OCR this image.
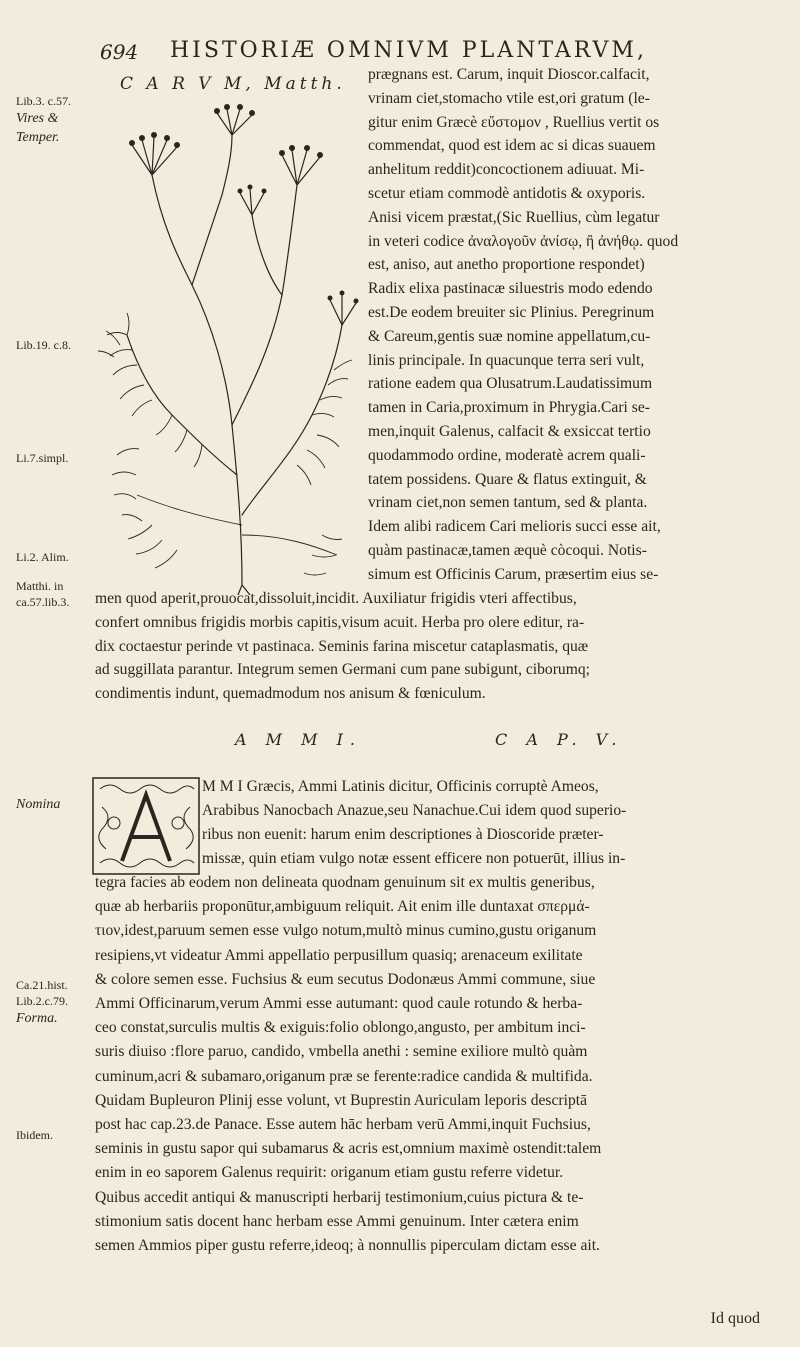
694 HISTORIÆ OMNIVM PLANTARVM,
C A R V M, Matth.
Lib.3. c.57.
Vires &
Temper.
Lib.19. c.8.
Li.7.simpl.
Li.2. Alim.
Matthi. in
ca.57.lib.3.
Nomina
Ca.21.hist.
Lib.2.c.79.
Forma.
Ibidem.
prægnans est. Carum, inquit Dioscor.calfacit,
vrinam ciet,stomacho vtile est,ori gratum (le-
gitur enim Græcè εὔστομον , Ruellius vertit os
commendat, quod est idem ac si dicas suauem
anhelitum reddit)concoctionem adiuuat. Mi-
scetur etiam commodè antidotis & oxyporis.
Anisi vicem præstat,(Sic Ruellius, cùm legatur
in veteri codice ἀναλογοῦν ἀνίσῳ, ἢ ἀνήθῳ. quod
est, aniso, aut anetho proportione respondet)
Radix elixa pastinacæ siluestris modo edendo
est.De eodem breuiter sic Plinius. Peregrinum
& Careum,gentis suæ nomine appellatum,cu-
linis principale. In quacunque terra seri vult,
ratione eadem qua Olusatrum.Laudatissimum
tamen in Caria,proximum in Phrygia.Cari se-
men,inquit Galenus, calfacit & exsiccat tertio
quodammodo ordine, moderatè acrem quali-
tatem possidens. Quare & flatus extinguit, &
vrinam ciet,non semen tantum, sed & planta.
Idem alibi radicem Cari melioris succi esse ait,
quàm pastinacæ,tamen æquè còcoqui. Notis-
simum est Officinis Carum, præsertim eius se-
men quod aperit,prouocat,dissoluit,incidit. Auxiliatur frigidis vteri affectibus,
confert omnibus frigidis morbis capitis,visum acuit. Herba pro olere editur, ra-
dix coctaestur perinde vt pastinaca. Seminis farina miscetur cataplasmatis, quæ
ad suggillata parantur. Integrum semen Germani cum pane subigunt, ciborumq;
condimentis indunt, quemadmodum nos anisum & fœniculum.
A M M I.	C A P. V.
M M I Græcis, Ammi Latinis dicitur, Officinis corruptè Ameos,
Arabibus Nanocbach Anazue,seu Nanachue.Cui idem quod superio-
ribus non euenit: harum enim descriptiones à Dioscoride præter-
missæ, quin etiam vulgo notæ essent efficere non potuerūt, illius in-
tegra facies ab eodem non delineata quodnam genuinum sit ex multis generibus,
quæ ab herbariis proponūtur,ambiguum reliquit. Ait enim ille duntaxat σπερμά-
τιον,idest,paruum semen esse vulgo notum,multò minus cumino,gustu origanum
resipiens,vt videatur Ammi appellatio perpusillum quasiq; arenaceum exilitate
& colore semen esse. Fuchsius & eum secutus Dodonæus Ammi commune, siue
Ammi Officinarum,verum Ammi esse autumant: quod caule rotundo & herba-
ceo constat,surculis multis & exiguis:folio oblongo,angusto, per ambitum inci-
suris diuiso :flore paruo, candido, vmbella anethi : semine exiliore multò quàm
cuminum,acri & subamaro,origanum præ se ferente:radice candida & multifida.
Quidam Bupleuron Plinij esse volunt, vt Buprestin Auriculam leporis descriptā
post hac cap.23.de Panace. Esse autem hāc herbam verū Ammi,inquit Fuchsius,
seminis in gustu sapor qui subamarus & acris est,omnium maximè ostendit:talem
enim in eo saporem Galenus requirit: origanum etiam gustu referre videtur.
Quibus accedit antiqui & manuscripti herbarij testimonium,cuius pictura & te-
stimonium satis docent hanc herbam esse Ammi genuinum. Inter cætera enim
semen Ammios piper gustu referre,ideoq; à nonnullis piperculam dictam esse ait.
Id quod
